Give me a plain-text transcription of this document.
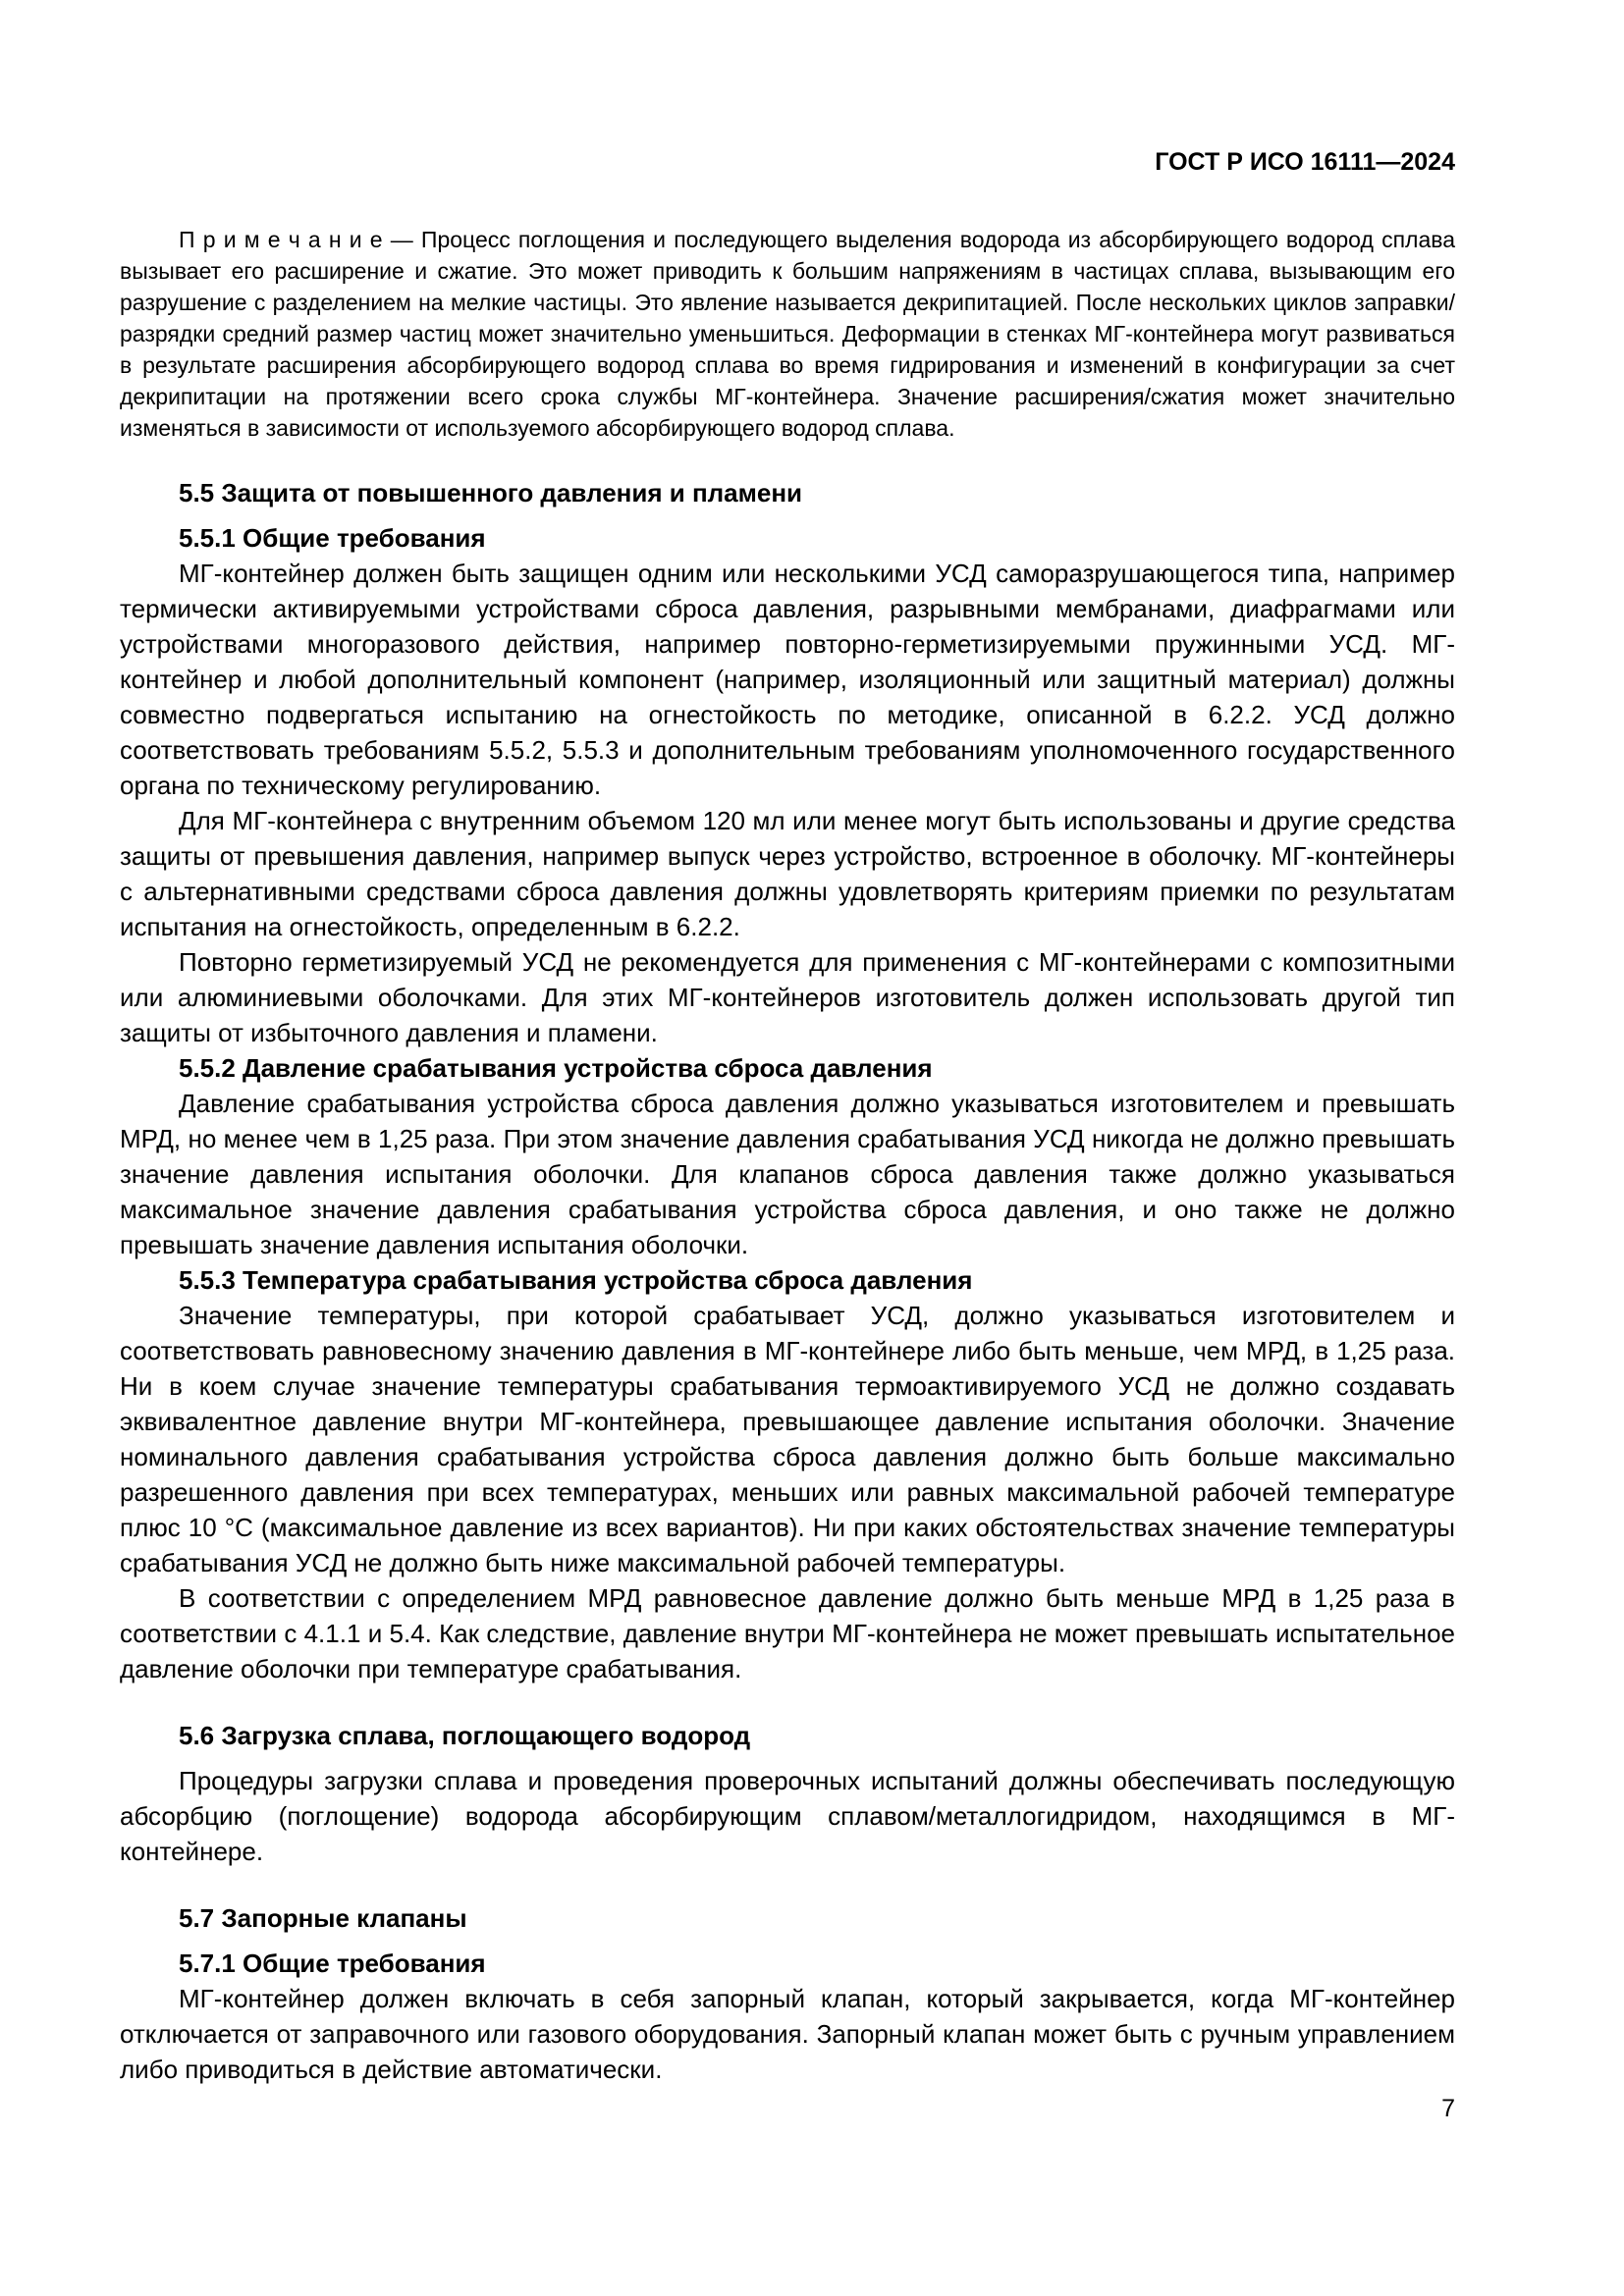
ГОСТ Р ИСО 16111—2024

П р и м е ч а н и е — Процесс поглощения и последующего выделения водорода из абсорбирующего водород сплава вызывает его расширение и сжатие. Это может приводить к большим напряжениям в частицах сплава, вызывающим его разрушение с разделением на мелкие частицы. Это явление называется декрипитацией. После нескольких циклов заправки/разрядки средний размер частиц может значительно уменьшиться. Деформации в стенках МГ-контейнера могут развиваться в результате расширения абсорбирующего водород сплава во время гидрирования и изменений в конфигурации за счет декрипитации на протяжении всего срока службы МГ-контейнера. Значение расширения/сжатия может значительно изменяться в зависимости от используемого абсорбирующего водород сплава.

5.5 Защита от повышенного давления и пламени
5.5.1 Общие требования

МГ-контейнер должен быть защищен одним или несколькими УСД саморазрушающегося типа, например термически активируемыми устройствами сброса давления, разрывными мембранами, диафрагмами или устройствами многоразового действия, например повторно-герметизируемыми пружинными УСД. МГ-контейнер и любой дополнительный компонент (например, изоляционный или защитный материал) должны совместно подвергаться испытанию на огнестойкость по методике, описанной в 6.2.2. УСД должно соответствовать требованиям 5.5.2, 5.5.3 и дополнительным требованиям уполномоченного государственного органа по техническому регулированию.

Для МГ-контейнера с внутренним объемом 120 мл или менее могут быть использованы и другие средства защиты от превышения давления, например выпуск через устройство, встроенное в оболочку. МГ-контейнеры с альтернативными средствами сброса давления должны удовлетворять критериям приемки по результатам испытания на огнестойкость, определенным в 6.2.2.

Повторно герметизируемый УСД не рекомендуется для применения с МГ-контейнерами с композитными или алюминиевыми оболочками. Для этих МГ-контейнеров изготовитель должен использовать другой тип защиты от избыточного давления и пламени.

5.5.2 Давление срабатывания устройства сброса давления

Давление срабатывания устройства сброса давления должно указываться изготовителем и превышать МРД, но менее чем в 1,25 раза. При этом значение давления срабатывания УСД никогда не должно превышать значение давления испытания оболочки. Для клапанов сброса давления также должно указываться максимальное значение давления срабатывания устройства сброса давления, и оно также не должно превышать значение давления испытания оболочки.

5.5.3 Температура срабатывания устройства сброса давления

Значение температуры, при которой срабатывает УСД, должно указываться изготовителем и соответствовать равновесному значению давления в МГ-контейнере либо быть меньше, чем МРД, в 1,25 раза. Ни в коем случае значение температуры срабатывания термоактивируемого УСД не должно создавать эквивалентное давление внутри МГ-контейнера, превышающее давление испытания оболочки. Значение номинального давления срабатывания устройства сброса давления должно быть больше максимально разрешенного давления при всех температурах, меньших или равных максимальной рабочей температуре плюс 10 °С (максимальное давление из всех вариантов). Ни при каких обстоятельствах значение температуры срабатывания УСД не должно быть ниже максимальной рабочей температуры.

В соответствии с определением МРД равновесное давление должно быть меньше МРД в 1,25 раза в соответствии с 4.1.1 и 5.4. Как следствие, давление внутри МГ-контейнера не может превышать испытательное давление оболочки при температуре срабатывания.

5.6 Загрузка сплава, поглощающего водород

Процедуры загрузки сплава и проведения проверочных испытаний должны обеспечивать последующую абсорбцию (поглощение) водорода абсорбирующим сплавом/металлогидридом, находящимся в МГ-контейнере.

5.7 Запорные клапаны
5.7.1 Общие требования

МГ-контейнер должен включать в себя запорный клапан, который закрывается, когда МГ-контейнер отключается от заправочного или газового оборудования. Запорный клапан может быть с ручным управлением либо приводиться в действие автоматически.

7
